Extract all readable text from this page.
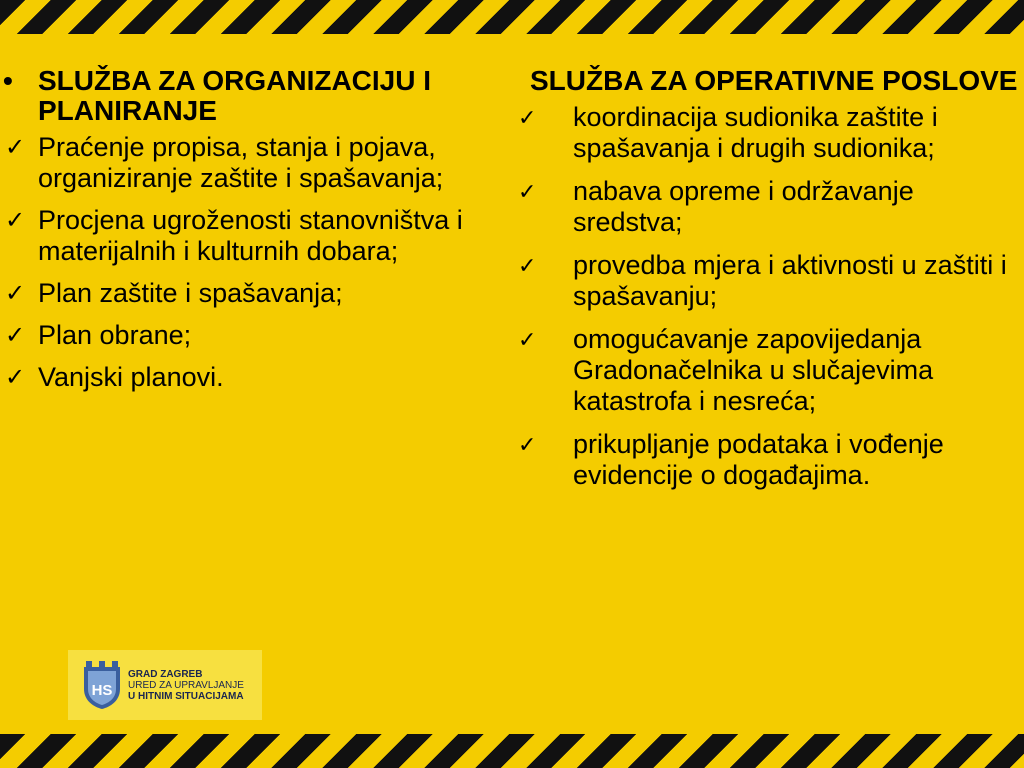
• SLUŽBA ZA ORGANIZACIJU I PLANIRANJE
✓ Praćenje propisa, stanja i pojava, organiziranje zaštite i spašavanja;
✓ Procjena ugroženosti stanovništva i materijalnih i kulturnih dobara;
✓ Plan zaštite i spašavanja;
✓ Plan obrane;
✓ Vanjski planovi.
SLUŽBA ZA OPERATIVNE POSLOVE
✓ koordinacija sudionika zaštite i spašavanja i drugih sudionika;
✓ nabava opreme i održavanje sredstva;
✓ provedba mjera i aktivnosti u zaštiti i spašavanju;
✓ omogućavanje zapovijedanja Gradonačelnika u slučajevima katastrofa i nesreća;
✓ prikupljanje podataka i vođenje evidencije o događajima.
HS
GRAD ZAGREB
URED ZA UPRAVLJANJE
U HITNIM SITUACIJAMA
